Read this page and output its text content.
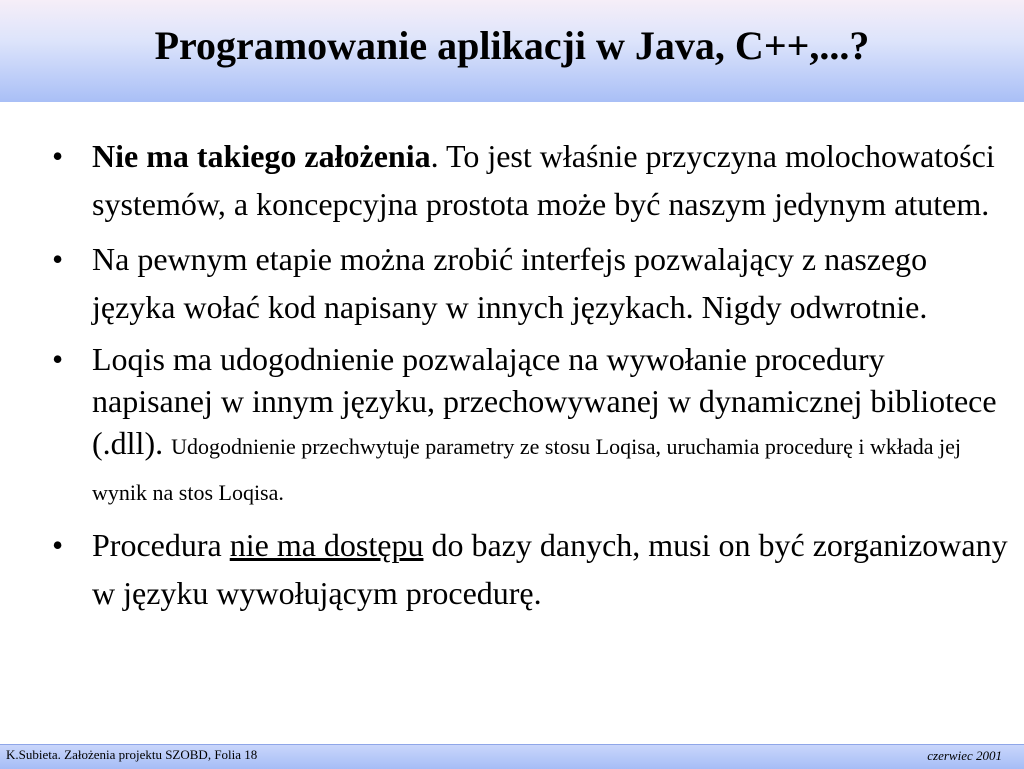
Programowanie aplikacji w Java, C++,...?
• Nie ma takiego założenia. To jest właśnie przyczyna molochowatości systemów, a koncepcyjna prostota może być naszym jedynym atutem.
• Na pewnym etapie można zrobić interfejs pozwalający z naszego języka wołać kod napisany w innych językach. Nigdy odwrotnie.
• Loqis ma udogodnienie pozwalające na wywołanie procedury napisanej w innym języku, przechowywanej w dynamicznej bibliotece (.dll). Udogodnienie przechwytuje parametry ze stosu Loqisa, uruchamia procedurę i wkłada jej wynik na stos Loqisa.
• Procedura nie ma dostępu do bazy danych, musi on być zorganizowany w języku wywołującym procedurę.
K.Subieta. Założenia projektu SZOBD, Folia 18	czerwiec 2001
